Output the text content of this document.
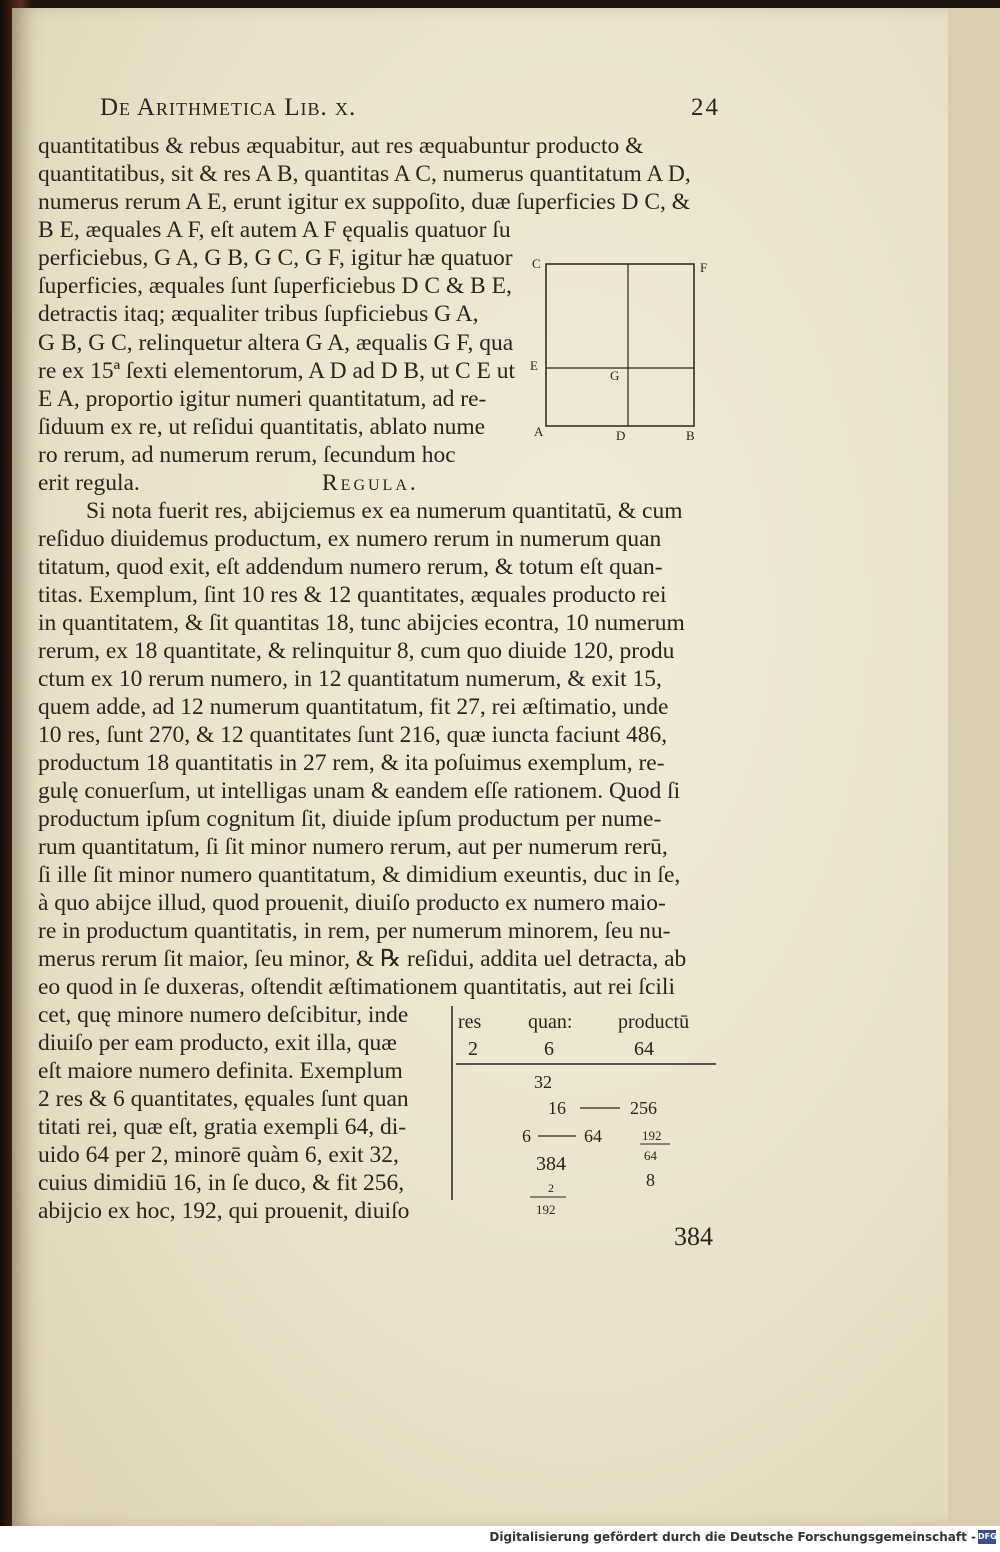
De Arithmetica Lib. x.	24
quantitatibus & rebus æquabitur, aut res æquabuntur producto &
quantitatibus, sit & res A B, quantitas A C, numerus quantitatum A D,
numerus rerum A E, erunt igitur ex suppoſito, duæ ſuperficies D C, &
B E, æquales A F, eſt autem A F ęqualis quatuor ſu
perficiebus, G A, G B, G C, G F, igitur hæ quatuor
ſuperficies, æquales ſunt ſuperficiebus D C & B E,
detractis itaq; æqualiter tribus ſupficiebus G A,
G B, G C, relinquetur altera G A, æqualis G F, qua
re ex 15ª ſexti elementorum, A D ad D B, ut C E ut
E A, proportio igitur numeri quantitatum, ad re-
ſiduum ex re, ut reſidui quantitatis, ablato nume
ro rerum, ad numerum rerum, ſecundum hoc
erit regula.	Regula.
Si nota fuerit res, abijciemus ex ea numerum quantitatū, & cum
reſiduo diuidemus productum, ex numero rerum in numerum quan
titatum, quod exit, eſt addendum numero rerum, & totum eſt quan-
titas. Exemplum, ſint 10 res & 12 quantitates, æquales producto rei
in quantitatem, & ſit quantitas 18, tunc abijcies econtra, 10 numerum
rerum, ex 18 quantitate, & relinquitur 8, cum quo diuide 120, produ
ctum ex 10 rerum numero, in 12 quantitatum numerum, & exit 15,
quem adde, ad 12 numerum quantitatum, fit 27, rei æſtimatio, unde
10 res, ſunt 270, & 12 quantitates ſunt 216, quæ iuncta faciunt 486,
productum 18 quantitatis in 27 rem, & ita poſuimus exemplum, re-
gulę conuerſum, ut intelligas unam & eandem eſſe rationem. Quod ſi
productum ipſum cognitum ſit, diuide ipſum productum per nume-
rum quantitatum, ſi ſit minor numero rerum, aut per numerum rerū,
ſi ille ſit minor numero quantitatum, & dimidium exeuntis, duc in ſe,
à quo abijce illud, quod prouenit, diuiſo producto ex numero maio-
re in productum quantitatis, in rem, per numerum minorem, ſeu nu-
merus rerum ſit maior, ſeu minor, & ℞ reſidui, addita uel detracta, ab
eo quod in ſe duxeras, oſtendit æſtimationem quantitatis, aut rei ſcili
cet, quę minore numero deſcibitur, inde
diuiſo per eam producto, exit illa, quæ
eſt maiore numero definita. Exemplum
2 res & 6 quantitates, ęquales ſunt quan
titati rei, quæ eſt, gratia exempli 64, di-
uido 64 per 2, minorē quàm 6, exit 32,
cuius dimidiū 16, in ſe duco, & fit 256,
abijcio ex hoc, 192, qui prouenit, diuiſo
C	F
E
G
A	D	B
res quan: productū
2	6	64
32
16	256
6	64	192
384	64
2	8
192
384
Digitalisierung gefördert durch die Deutsche Forschungsgemeinschaft - DFG
